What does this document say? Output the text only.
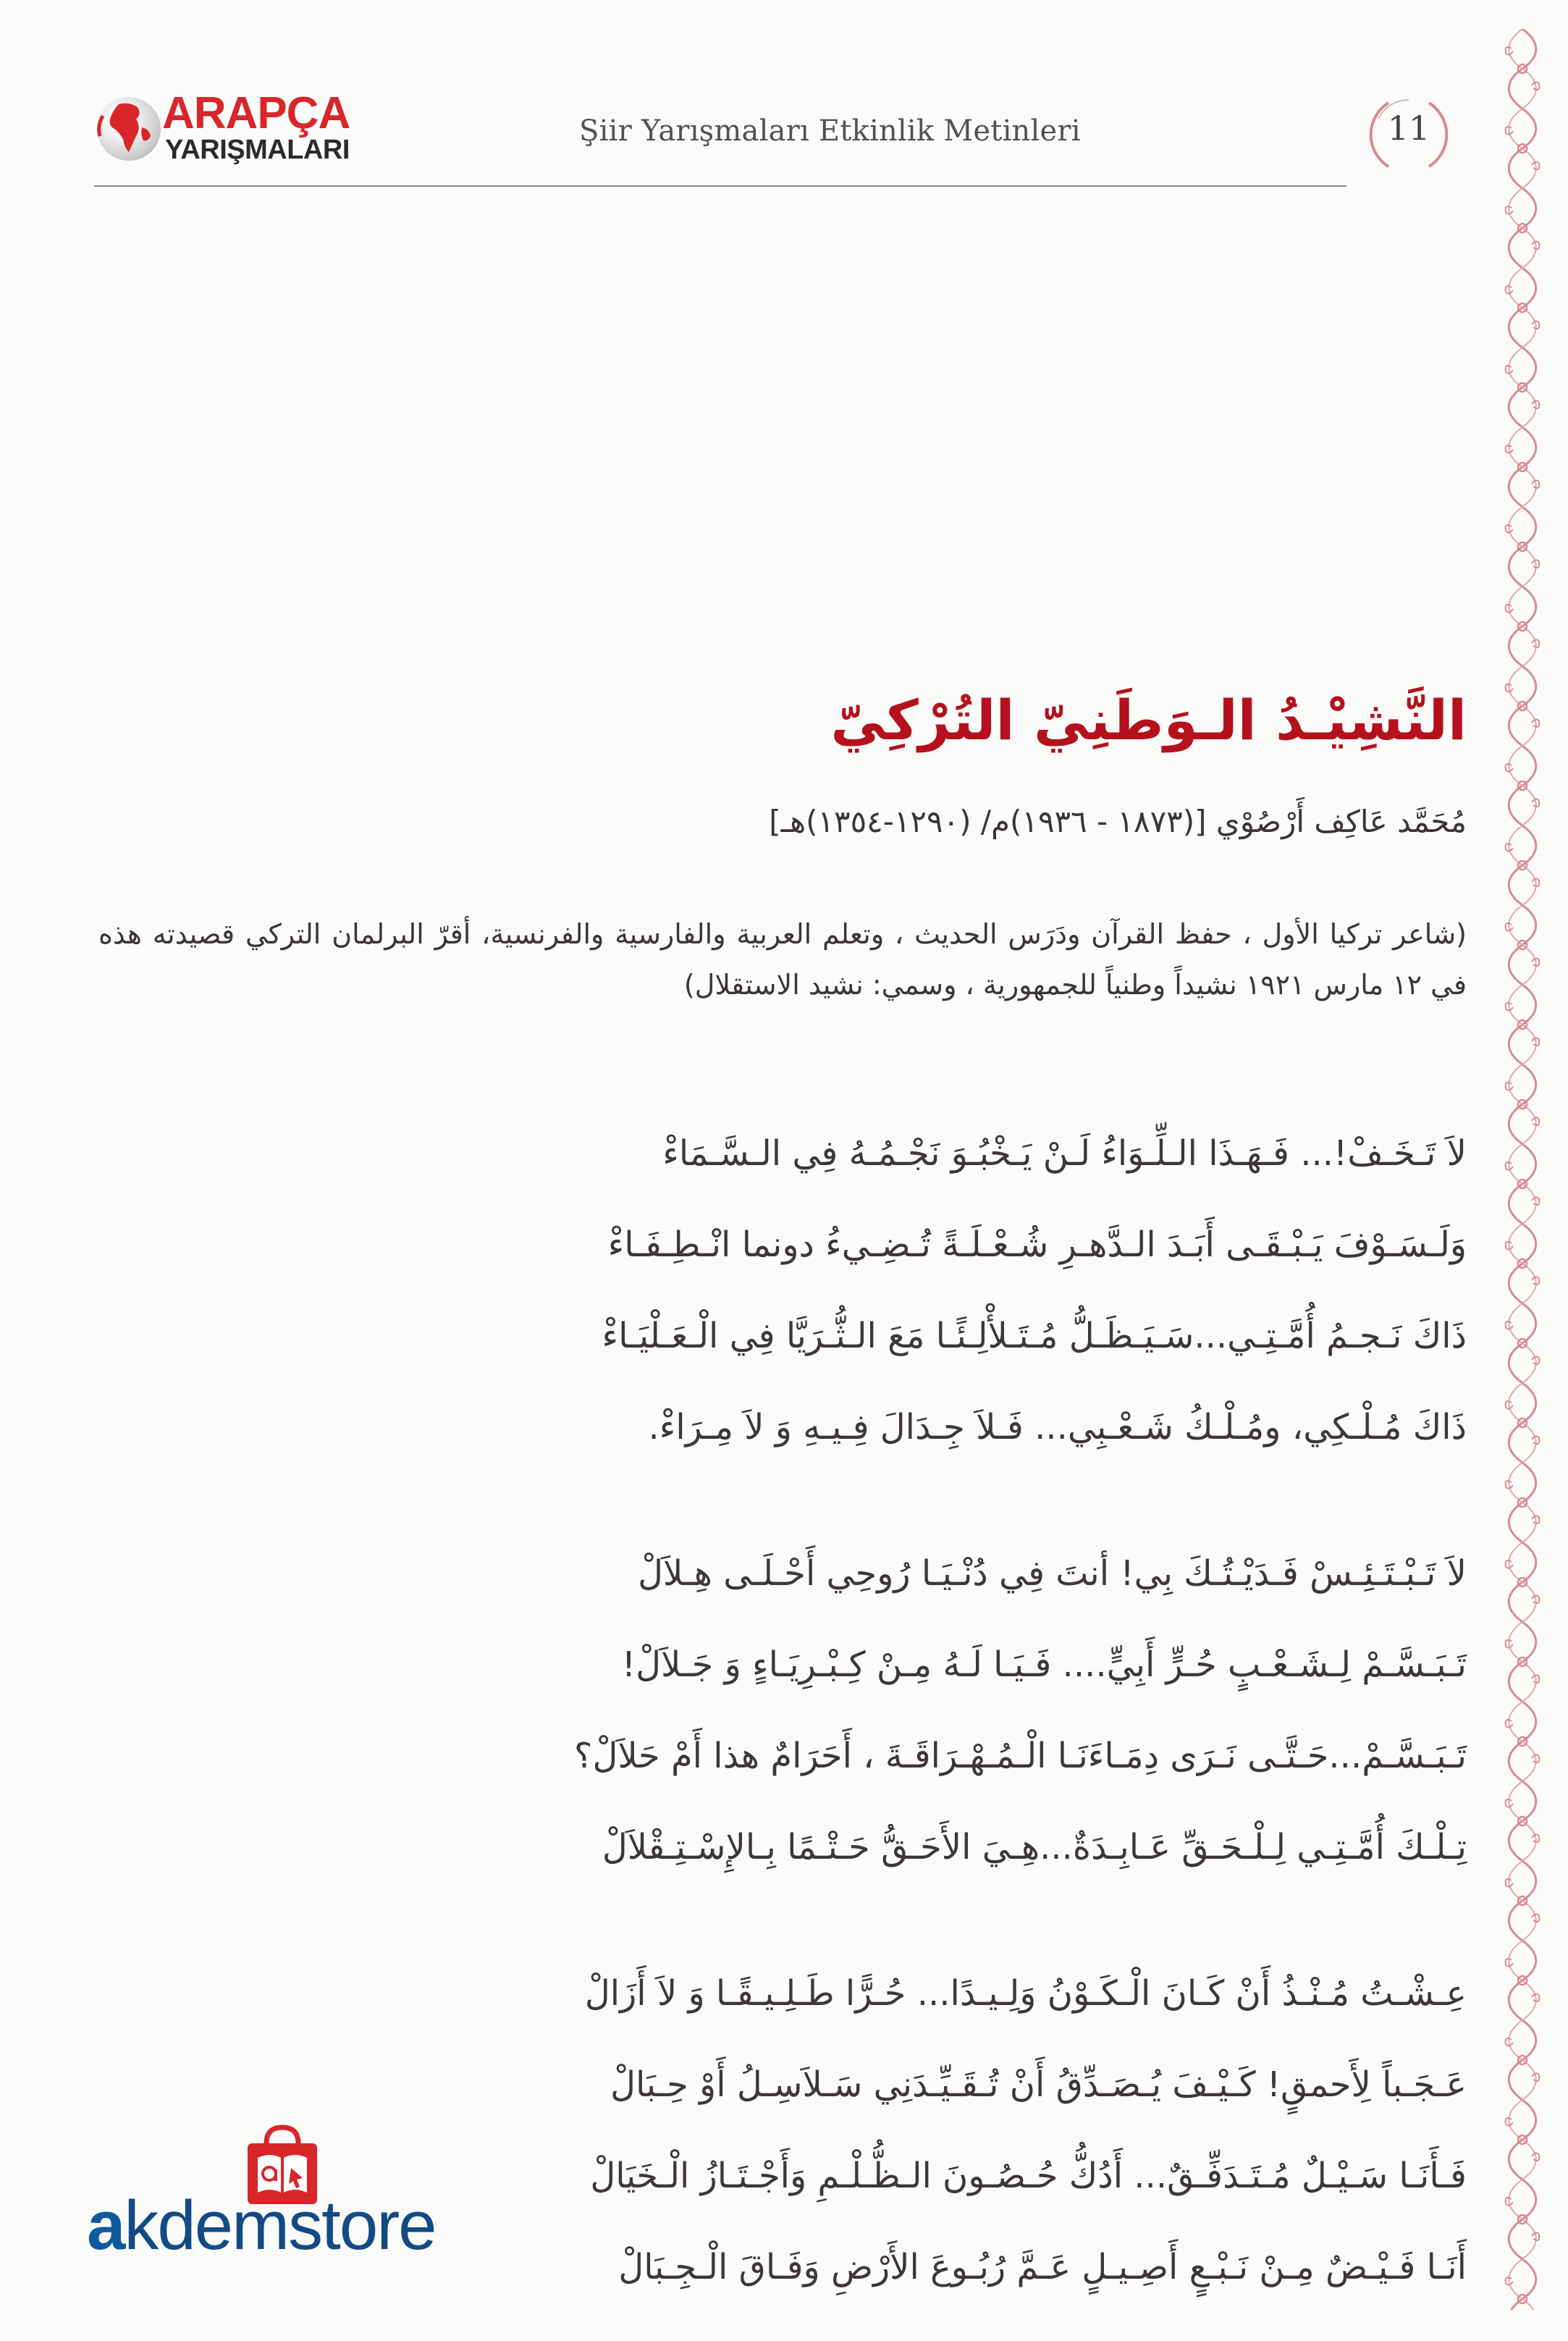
ARAPÇA
YARIŞMALARI
Şiir Yarışmaları Etkinlik Metinleri	11
النَّشِيْـدُ الـوَطَنِيّ التُرْكِيّ

مُحَمَّد عَاكِف أَرْصُوْي [(١٨٧٣ - ١٩٣٦)م/ (١٢٩٠-١٣٥٤)هـ]

(شاعر تركيا الأول ، حفظ القرآن ودَرَس الحديث ، وتعلم العربية والفارسية والفرنسية، أقرّ البرلمان التركي قصيدته هذه في ١٢ مارس ١٩٢١ نشيداً وطنياً للجمهورية ، وسمي: نشيد الاستقلال)

لاَ تَـخَـفْ!... فَـهَـذَا الـلِّـوَاءُ لَـنْ يَـخْبُـوَ نَجْـمُـهُ فِي الـسَّـمَاءْ
وَلَـسَـوْفَ يَـبْـقَـى أَبَـدَ الـدَّهـرِ شُـعْـلَـةً تُـضِـيءُ دونما انْـطِـفَـاءْ
ذَاكَ نَـجـمُ أُمَّـتِـي...سَـيَـظَـلُّ مُـتَـلأْلِـئًـا مَعَ الـثُّـرَيَّا فِي الْـعَـلْيَـاءْ
ذَاكَ مُـلْـكِي، ومُـلْـكُ شَـعْـبِي... فَـلاَ جِـدَالَ فِـيـهِ وَ لاَ مِـرَاءْ.
لاَ تَـبْـتَـئِـسْ فَـدَيْـتُـكَ بِي! أنتَ فِي دُنْـيَـا رُوحِي أَحْـلَـى هِـلاَلْ
تَـبَـسَّـمْ لِـشَـعْـبٍ حُـرٍّ أَبِيٍّ.... فَـيَـا لَـهُ مِـنْ كِـبْـرِيَـاءٍ وَ جَـلاَلْ!
تَـبَـسَّـمْ...حَـتَّـى نَـرَى دِمَـاءَنَـا الْـمُـهْـرَاقَـةَ ، أَحَرَامٌ هذا أَمْ حَلاَلْ؟
تِـلْـكَ أُمَّـتِـي لِـلْـحَـقِّ عَـابِـدَةٌ...هِـيَ الأَحَـقُّ حَـتْـمًا بِـالإِسْـتِـقْلاَلْ
عِـشْـتُ مُـنْـذُ أَنْ كَـانَ الْـكَـوْنُ وَلِـيـدًا... حُـرًّا طَـلِـيـقًـا وَ لاَ أَزَالْ
عَـجَـباً لِأَحمقٍ! كَـيْـفَ يُـصَـدِّقُ أَنْ تُـقَـيِّـدَنِي سَـلاَسِـلُ أَوْ حِـبَالْ
فَـأَنَـا سَـيْـلٌ مُـتَـدَفِّـقٌ... أَدُكُّ حُـصُـونَ الـظُّـلْـمِ وَأَجْـتَـازُ الْـخَيَالْ
أَنَـا فَـيْـضٌ مِـنْ نَـبْـعٍ أَصِـيـلٍ عَـمَّ رُبُـوعَ الأَرْضِ وَفَـاقَ الْـجِـبَالْ
akdemstore
